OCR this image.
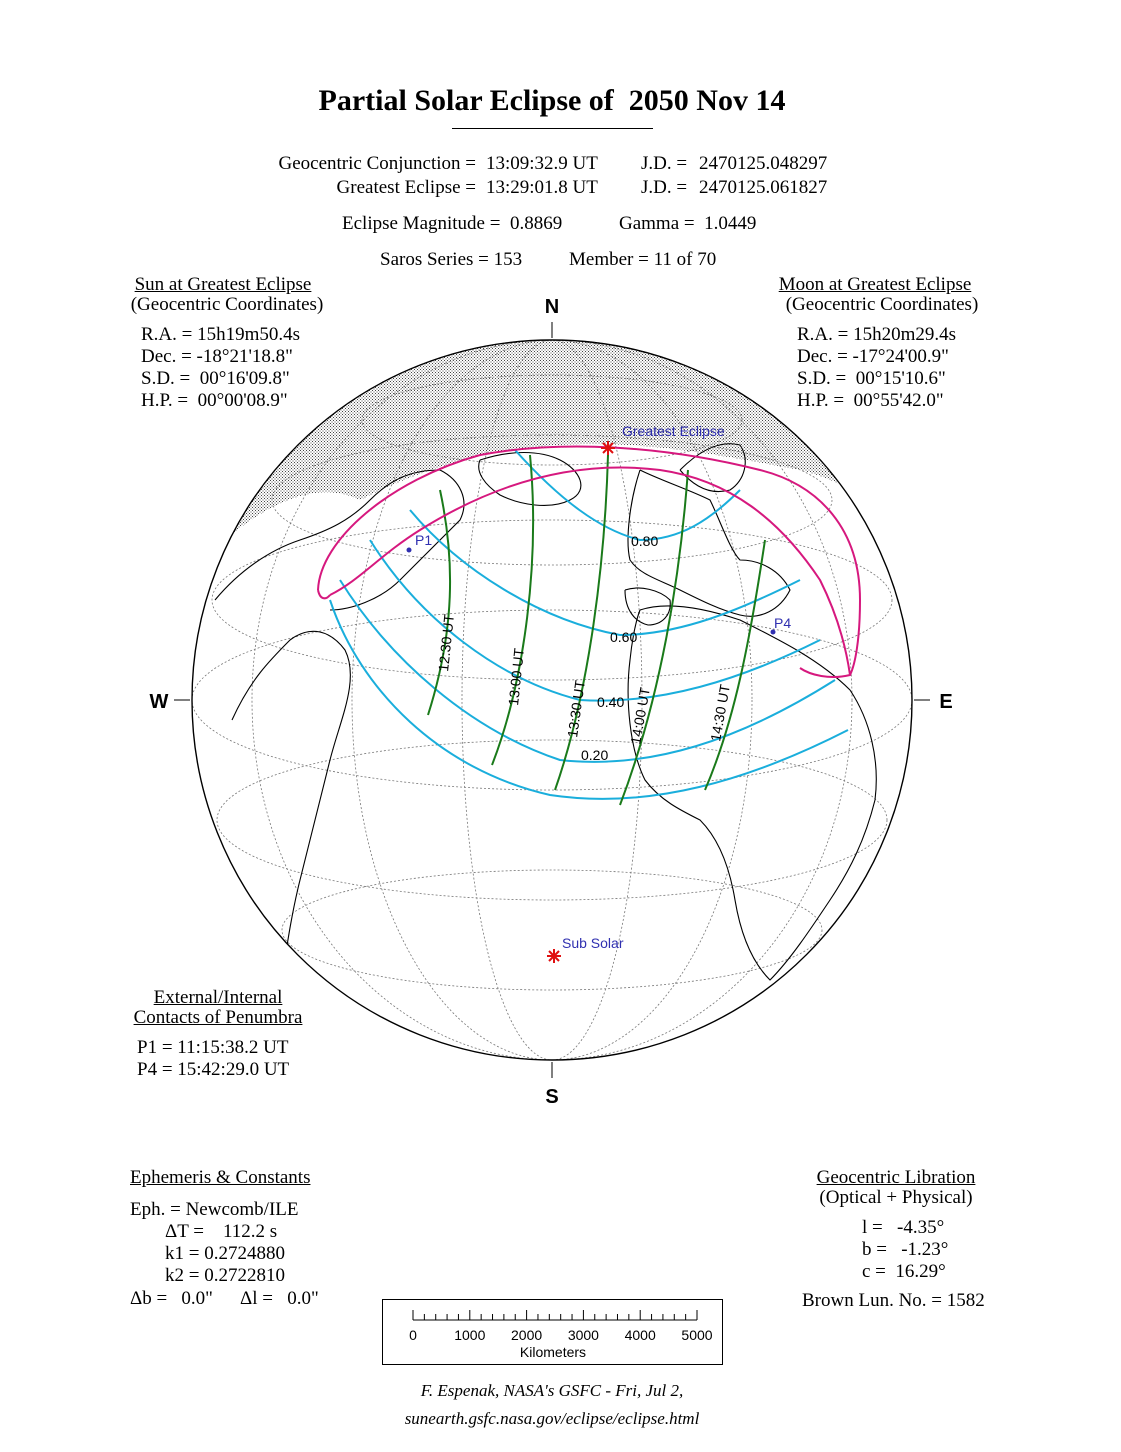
Partial Solar Eclipse of  2050 Nov 14
Geocentric Conjunction = 13:09:32.9 UT J.D. = 2470125.048297
Greatest Eclipse = 13:29:01.8 UT J.D. = 2470125.061827
Eclipse Magnitude =  0.8869	Gamma =  1.0449
Saros Series = 153 Member = 11 of 70
Sun at Greatest Eclipse
(Geocentric Coordinates)
R.A. = 15h19m50.4s
Dec. = -18°21'18.8"
S.D. =  00°16'09.8"
H.P. =  00°00'08.9"
Moon at Greatest Eclipse
(Geocentric Coordinates)
R.A. = 15h20m29.4s
Dec. = -17°24'00.9"
S.D. =  00°15'10.6"
H.P. =  00°55'42.0"
N
S
W	E
Greatest Eclipse
Sub Solar
P1
P4
0.80
0.60
0.40
0.20
12:30 UT
13:00 UT
13:30 UT	14:00 UT	14:30 UT
External/Internal
Contacts of Penumbra
P1 = 11:15:38.2 UT
P4 = 15:42:29.0 UT
Ephemeris & Constants
Eph. = Newcomb/ILE
ΔT =    112.2 s
k1 = 0.2724880
k2 = 0.2722810
Δb =   0.0" Δl =   0.0"
Geocentric Libration
(Optical + Physical)
l =   -4.35°
b =   -1.23°
c =  16.29°
Brown Lun. No. = 1582
0	1000 2000 3000 4000 5000
Kilometers
F. Espenak, NASA's GSFC - Fri, Jul 2,
sunearth.gsfc.nasa.gov/eclipse/eclipse.html
